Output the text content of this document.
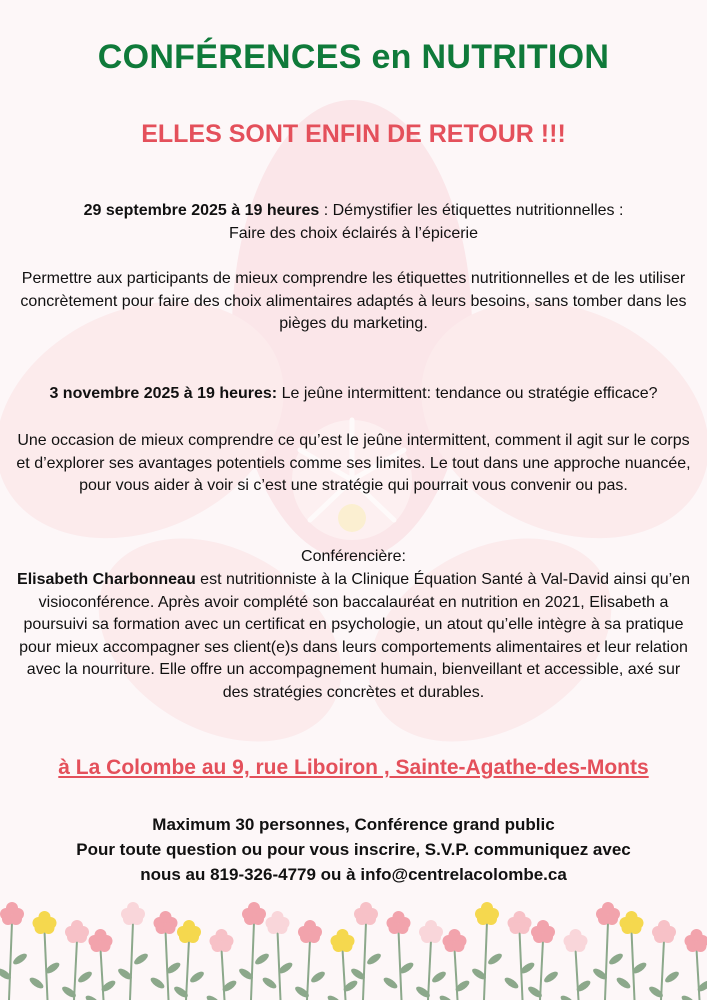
CONFÉRENCES en NUTRITION
ELLES SONT ENFIN DE RETOUR !!!
29 septembre 2025 à 19 heures : Démystifier les étiquettes nutritionnelles :
Faire des choix éclairés à l’épicerie
Permettre aux participants de mieux comprendre les étiquettes nutritionnelles et de les utiliser concrètement pour faire des choix alimentaires adaptés à leurs besoins, sans tomber dans les pièges du marketing.
3 novembre 2025 à 19 heures: Le jeûne intermittent: tendance ou stratégie efficace?
Une occasion de mieux comprendre ce qu’est le jeûne intermittent, comment il agit sur le corps et d’explorer ses avantages potentiels comme ses limites. Le tout dans une approche nuancée, pour vous aider à voir si c’est une stratégie qui pourrait vous convenir ou pas.
Conférencière:
Elisabeth Charbonneau est nutritionniste à la Clinique Équation Santé à Val-David ainsi qu’en visioconférence. Après avoir complété son baccalauréat en nutrition en 2021, Elisabeth a poursuivi sa formation avec un certificat en psychologie, un atout qu’elle intègre à sa pratique pour mieux accompagner ses client(e)s dans leurs comportements alimentaires et leur relation avec la nourriture. Elle offre un accompagnement humain, bienveillant et accessible, axé sur des stratégies concrètes et durables.
à La Colombe au 9, rue Liboiron , Sainte-Agathe-des-Monts
Maximum 30 personnes, Conférence grand public
Pour toute question ou pour vous inscrire, S.V.P. communiquez avec
nous au 819-326-4779 ou à info@centrelacolombe.ca
